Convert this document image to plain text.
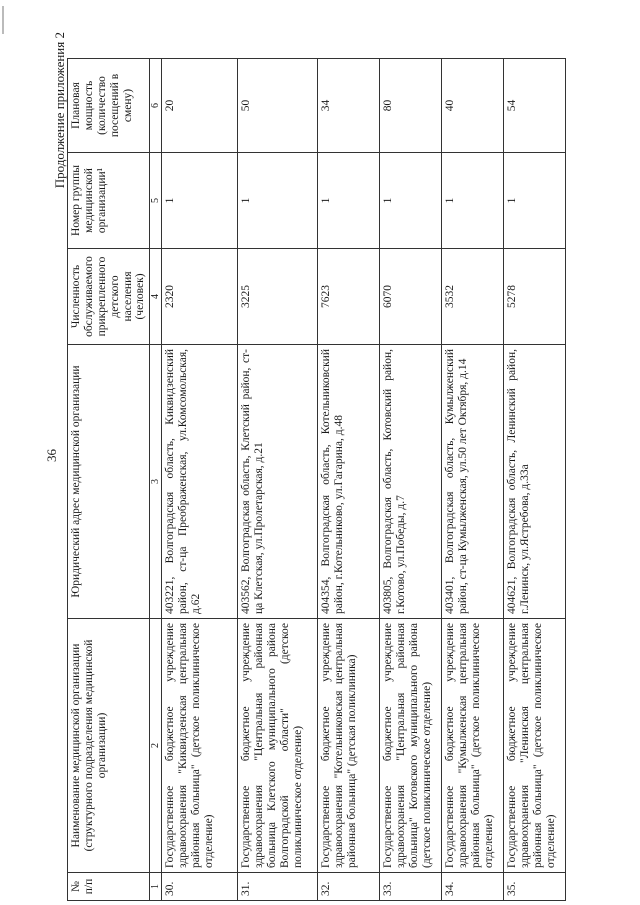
36
Продолжение приложения 2
№ п/п	Наименование медицинской организации (структурного подразделения медицинской организации)	Юридический адрес медицинской организации	Численность обслуживаемого прикрепленного детского населения (человек)	Номер группы медицинской организации¹	Плановая мощность (количество посещений в смену)
1	2	3	4	5	6
30.	Государственное бюджетное учреждение здравоохранения "Киквидзенская центральная районная больница" (детское поликлиническое отделение)	403221, Волгоградская область, Киквидзенский район, ст-ца Преображенская, ул.Комсомольская, д.62	2320	1	20
31.	Государственное бюджетное учреждение здравоохранения "Центральная районная больница Клетского муниципального района Волгоградской области" (детское поликлиническое отделение)	403562, Волгоградская область, Клетский район, ст-ца Клетская, ул.Пролетарская, д.21	3225	1	50
32.	Государственное бюджетное учреждение здравоохранения "Котельниковская центральная районная больница" (детская поликлиника)	404354, Волгоградская область, Котельниковский район, г.Котельниково, ул.Гагарина, д.48	7623	1	34
33.	Государственное бюджетное учреждение здравоохранения "Центральная районная больница" Котовского муниципального района (детское поликлиническое отделение)	403805, Волгоградская область, Котовский район, г.Котово, ул.Победы, д.7	6070	1	80
34.	Государственное бюджетное учреждение здравоохранения "Кумылженская центральная районная больница" (детское поликлиническое отделение)	403401, Волгоградская область, Кумылженский район, ст-ца Кумылженская, ул.50 лет Октября, д.14	3532	1	40
35.	Государственное бюджетное учреждение здравоохранения "Ленинская центральная районная больница" (детское поликлиническое отделение)	404621, Волгоградская область, Ленинский район, г.Ленинск, ул.Ястребова, д.33а	5278	1	54
